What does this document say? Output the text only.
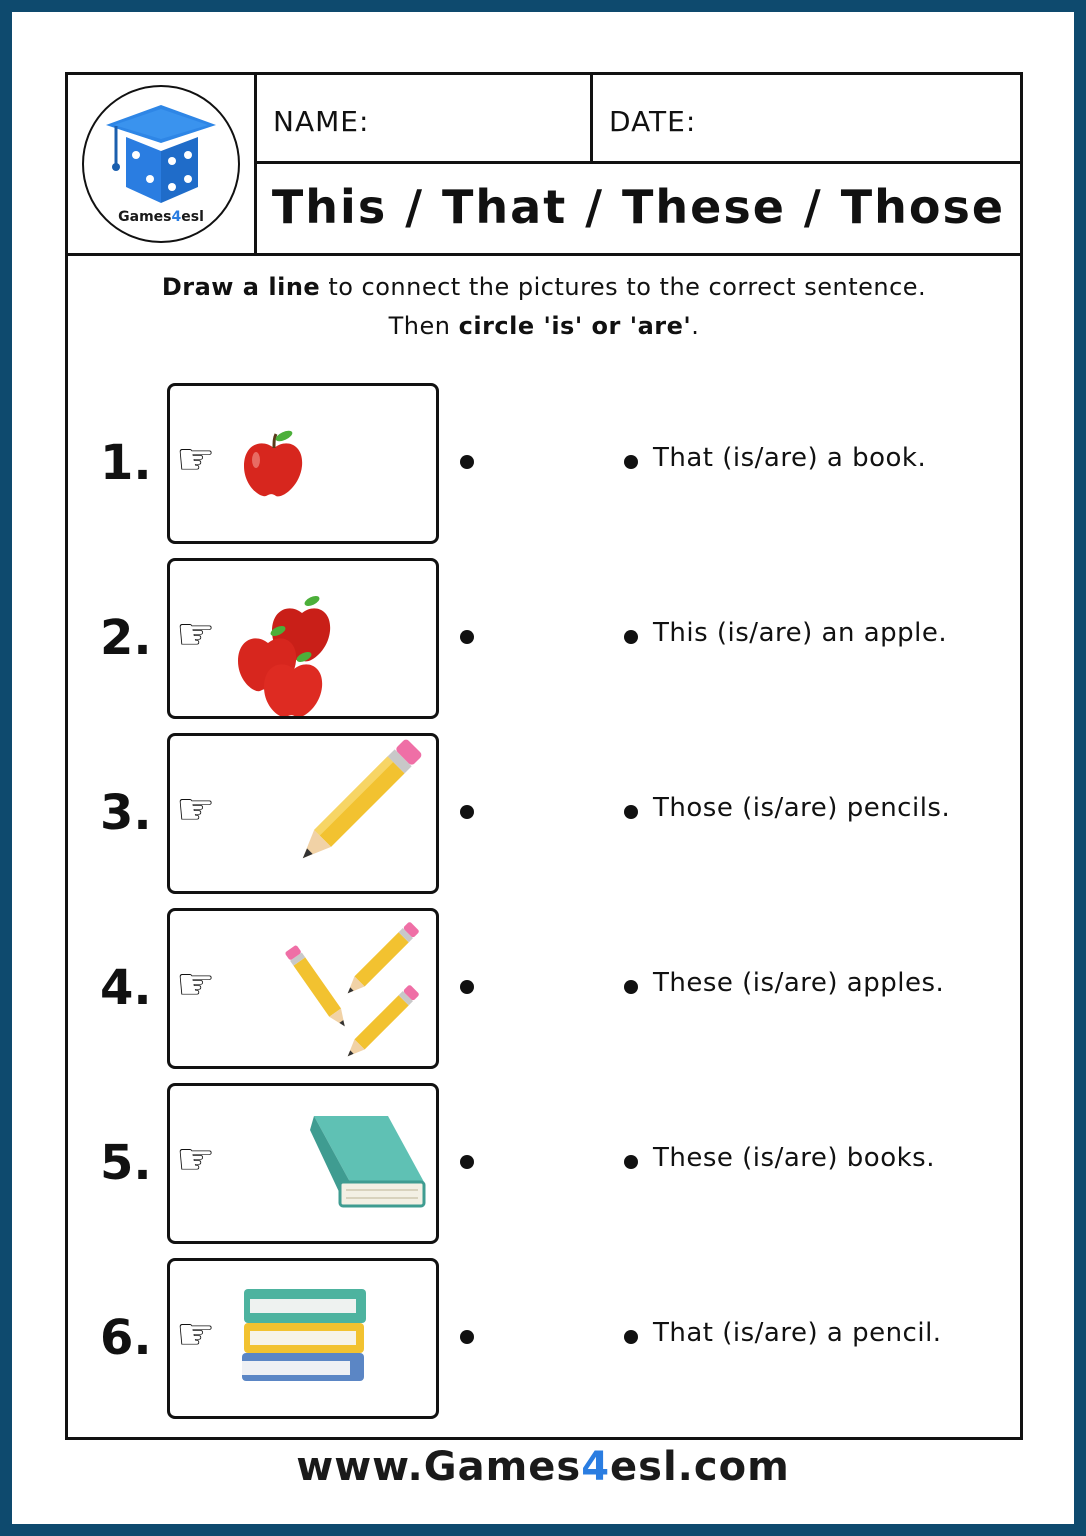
Games4esl
NAME:	DATE:
This / That / These / Those
Draw a line to connect the pictures to the correct sentence.
Then circle 'is' or 'are'.
1. ☞	That (is/are) a book.
2. ☞	This (is/are) an apple.
3. ☞	Those (is/are) pencils.
4. ☞	These (is/are) apples.
5. ☞	These (is/are) books.
6. ☞	That (is/are) a pencil.
www.Games4esl.com
